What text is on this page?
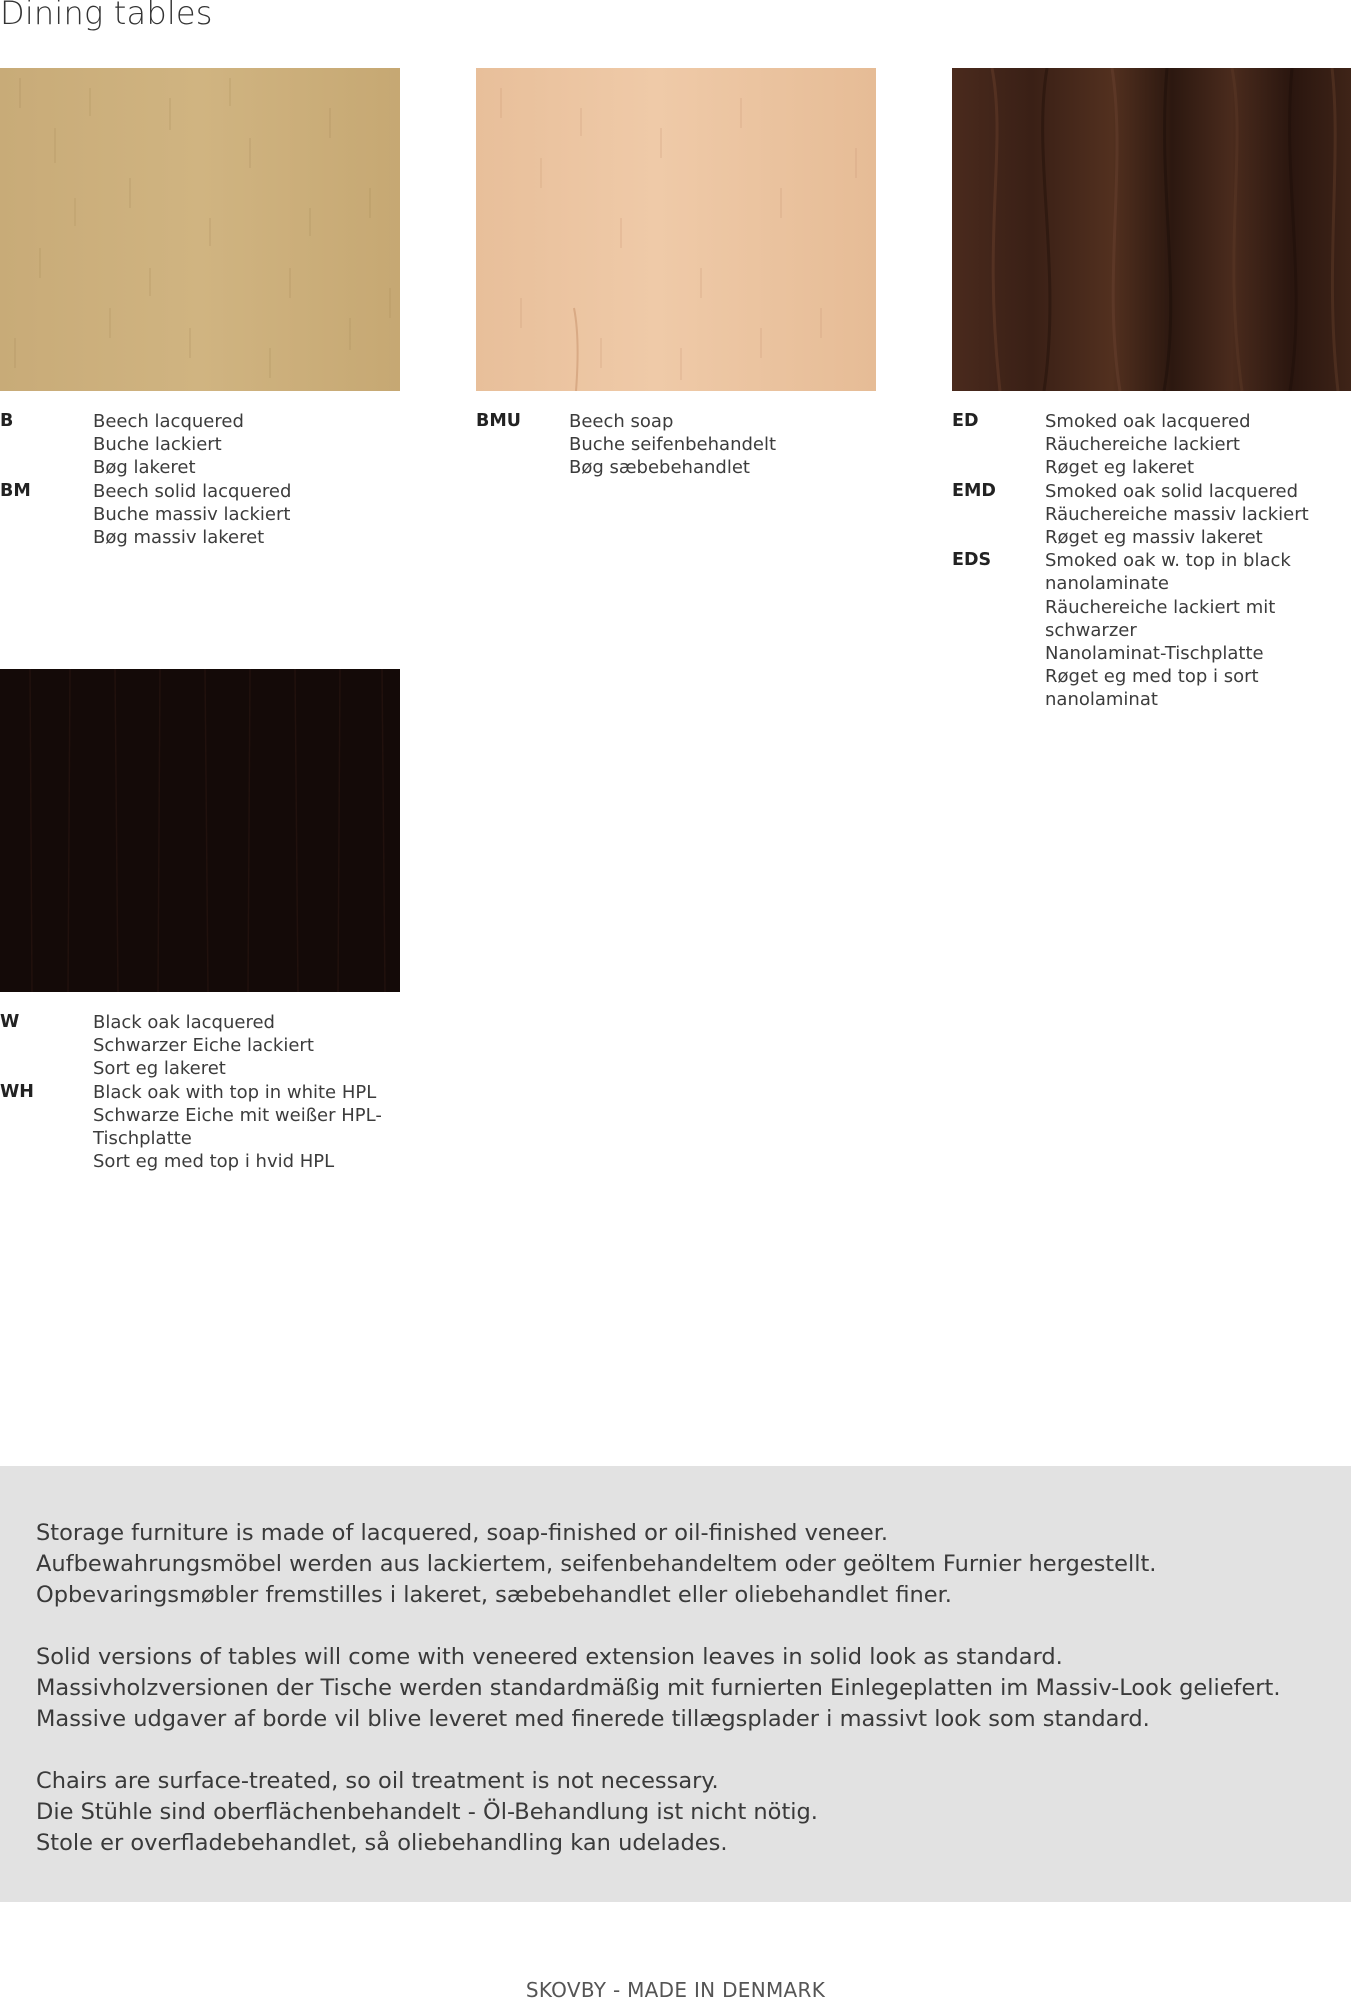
Dining tables
B	Beech lacquered
Buche lackiert
Bøg lakeret
BM	Beech solid lacquered
Buche massiv lackiert
Bøg massiv lakeret
BMU	Beech soap
Buche seifenbehandelt
Bøg sæbebehandlet
ED	Smoked oak lacquered
Räuchereiche lackiert
Røget eg lakeret
EMD	Smoked oak solid lacquered
Räuchereiche massiv lackiert
Røget eg massiv lakeret
EDS	Smoked oak w. top in black
nanolaminate
Räuchereiche lackiert mit
schwarzer
Nanolaminat-Tischplatte
Røget eg med top i sort
nanolaminat
W	Black oak lacquered
Schwarzer Eiche lackiert
Sort eg lakeret
WH	Black oak with top in white HPL
Schwarze Eiche mit weißer HPL-
Tischplatte
Sort eg med top i hvid HPL
Storage furniture is made of lacquered, soap-finished or oil-finished veneer.
Aufbewahrungsmöbel werden aus lackiertem, seifenbehandeltem oder geöltem Furnier hergestellt.
Opbevaringsmøbler fremstilles i lakeret, sæbebehandlet eller oliebehandlet finer.
Solid versions of tables will come with veneered extension leaves in solid look as standard.
Massivholzversionen der Tische werden standardmäßig mit furnierten Einlegeplatten im Massiv-Look geliefert.
Massive udgaver af borde vil blive leveret med finerede tillægsplader i massivt look som standard.
Chairs are surface-treated, so oil treatment is not necessary.
Die Stühle sind oberflächenbehandelt - Öl-Behandlung ist nicht nötig.
Stole er overfladebehandlet, så oliebehandling kan udelades.
SKOVBY - MADE IN DENMARK
